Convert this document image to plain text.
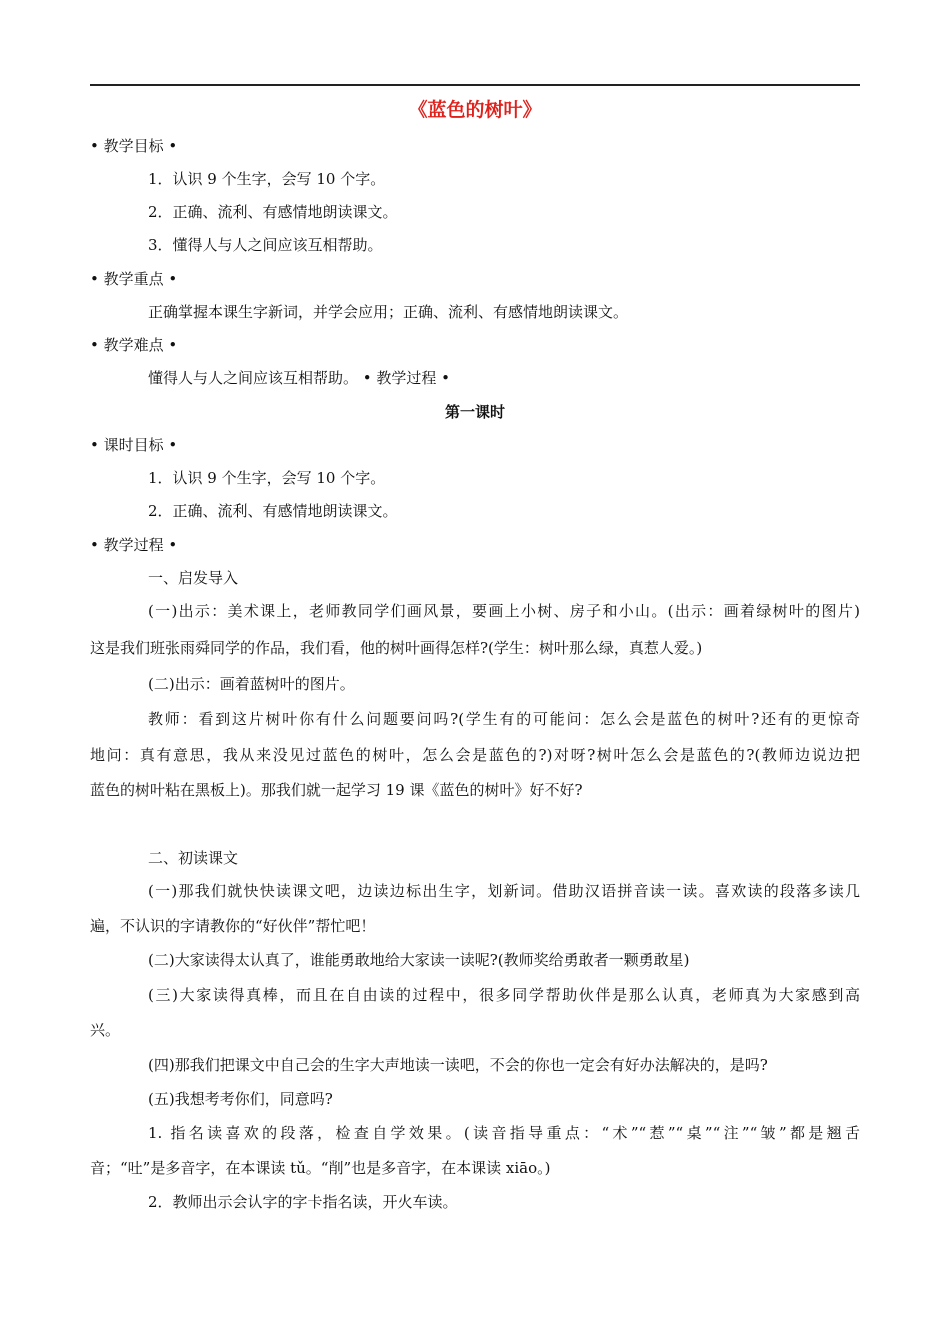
《蓝色的树叶》
• 教学目标 •
1．认识 9 个生字，会写 10 个字。
2．正确、流利、有感情地朗读课文。
3．懂得人与人之间应该互相帮助。
• 教学重点 •
正确掌握本课生字新词，并学会应用；正确、流利、有感情地朗读课文。
• 教学难点 •
懂得人与人之间应该互相帮助。 • 教学过程 •
第一课时
• 课时目标 •
1．认识 9 个生字，会写 10 个字。
2．正确、流利、有感情地朗读课文。
• 教学过程 •
一、启发导入
(一)出示：美术课上，老师教同学们画风景，要画上小树、房子和小山。(出示：画着绿树叶的图片)
这是我们班张雨舜同学的作品，我们看，他的树叶画得怎样?(学生：树叶那么绿，真惹人爱。)
(二)出示：画着蓝树叶的图片。
教师：看到这片树叶你有什么问题要问吗?(学生有的可能问：怎么会是蓝色的树叶?还有的更惊奇
地问：真有意思，我从来没见过蓝色的树叶，怎么会是蓝色的?)对呀?树叶怎么会是蓝色的?(教师边说边把
蓝色的树叶粘在黑板上)。那我们就一起学习 19 课《蓝色的树叶》好不好?
二、初读课文
(一)那我们就快快读课文吧，边读边标出生字，划新词。借助汉语拼音读一读。喜欢读的段落多读几
遍，不认识的字请教你的“好伙伴”帮忙吧！
(二)大家读得太认真了，谁能勇敢地给大家读一读呢?(教师奖给勇敢者一颗勇敢星)
(三)大家读得真棒，而且在自由读的过程中，很多同学帮助伙伴是那么认真，老师真为大家感到高
兴。
(四)那我们把课文中自己会的生字大声地读一读吧，不会的你也一定会有好办法解决的，是吗?
(五)我想考考你们，同意吗?
1. 指名读喜欢的段落，检查自学效果。(读音指导重点：“术”“惹”“桌”“注”“皱”都是翘舌
音；“吐”是多音字，在本课读 tǔ。“削”也是多音字，在本课读 xiāo。)
2．教师出示会认字的字卡指名读，开火车读。
